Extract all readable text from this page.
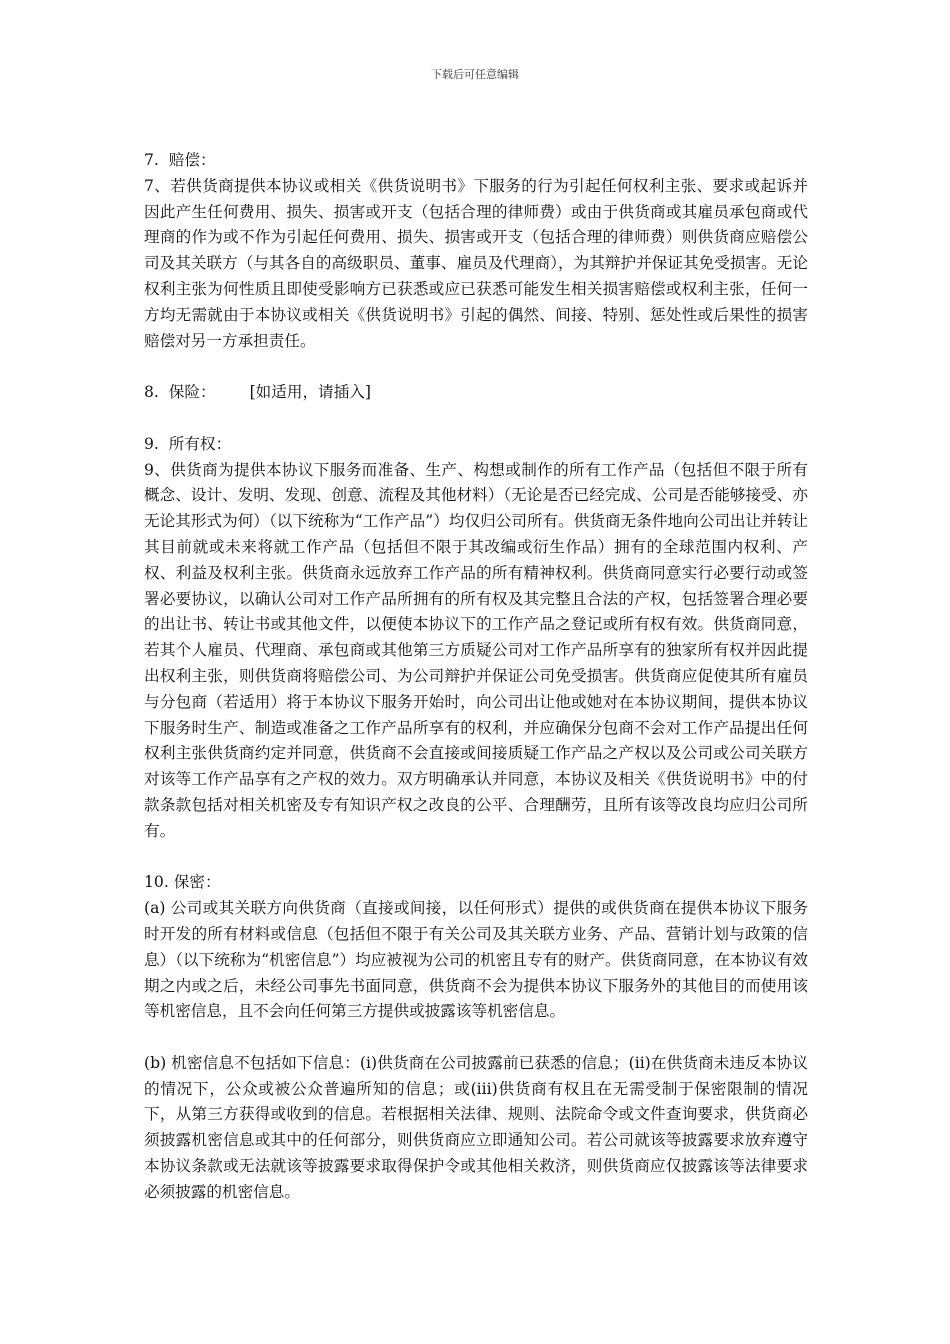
下载后可任意编辑
7.  赔偿：

7、若供货商提供本协议或相关《供货说明书》下服务的行为引起任何权利主张、要求或起诉并因此产生任何费用、损失、损害或开支（包括合理的律师费）或由于供货商或其雇员承包商或代理商的作为或不作为引起任何费用、损失、损害或开支（包括合理的律师费）则供货商应赔偿公司及其关联方（与其各自的高级职员、董事、雇员及代理商），为其辩护并保证其免受损害。无论权利主张为何性质且即使受影响方已获悉或应已获悉可能发生相关损害赔偿或权利主张，任何一方均无需就由于本协议或相关《供货说明书》引起的偶然、间接、特别、惩处性或后果性的损害赔偿对另一方承担责任。

8.  保险： [如适用，请插入]
9.  所有权：

9、供货商为提供本协议下服务而准备、生产、构想或制作的所有工作产品（包括但不限于所有概念、设计、发明、发现、创意、流程及其他材料）（无论是否已经完成、公司是否能够接受、亦无论其形式为何）（以下统称为“工作产品”）均仅归公司所有。供货商无条件地向公司出让并转让其目前就或未来将就工作产品（包括但不限于其改编或衍生作品）拥有的全球范围内权利、产权、利益及权利主张。供货商永远放弃工作产品的所有精神权利。供货商同意实行必要行动或签署必要协议，以确认公司对工作产品所拥有的所有权及其完整且合法的产权，包括签署合理必要的出让书、转让书或其他文件，以便使本协议下的工作产品之登记或所有权有效。供货商同意，若其个人雇员、代理商、承包商或其他第三方质疑公司对工作产品所享有的独家所有权并因此提出权利主张，则供货商将赔偿公司、为公司辩护并保证公司免受损害。供货商应促使其所有雇员与分包商（若适用）将于本协议下服务开始时，向公司出让他或她对在本协议期间，提供本协议下服务时生产、制造或准备之工作产品所享有的权利，并应确保分包商不会对工作产品提出任何权利主张供货商约定并同意，供货商不会直接或间接质疑工作产品之产权以及公司或公司关联方对该等工作产品享有之产权的效力。双方明确承认并同意，本协议及相关《供货说明书》中的付款条款包括对相关机密及专有知识产权之改良的公平、合理酬劳，且所有该等改良均应归公司所有。

10. 保密：

(a) 公司或其关联方向供货商（直接或间接，以任何形式）提供的或供货商在提供本协议下服务时开发的所有材料或信息（包括但不限于有关公司及其关联方业务、产品、营销计划与政策的信息）（以下统称为“机密信息”）均应被视为公司的机密且专有的财产。供货商同意，在本协议有效期之内或之后，未经公司事先书面同意，供货商不会为提供本协议下服务外的其他目的而使用该等机密信息，且不会向任何第三方提供或披露该等机密信息。

(b) 机密信息不包括如下信息：(i)供货商在公司披露前已获悉的信息；(ii)在供货商未违反本协议的情况下，公众或被公众普遍所知的信息；或(iii)供货商有权且在无需受制于保密限制的情况下，从第三方获得或收到的信息。若根据相关法律、规则、法院命令或文件查询要求，供货商必须披露机密信息或其中的任何部分，则供货商应立即通知公司。若公司就该等披露要求放弃遵守本协议条款或无法就该等披露要求取得保护令或其他相关救济，则供货商应仅披露该等法律要求必须披露的机密信息。
